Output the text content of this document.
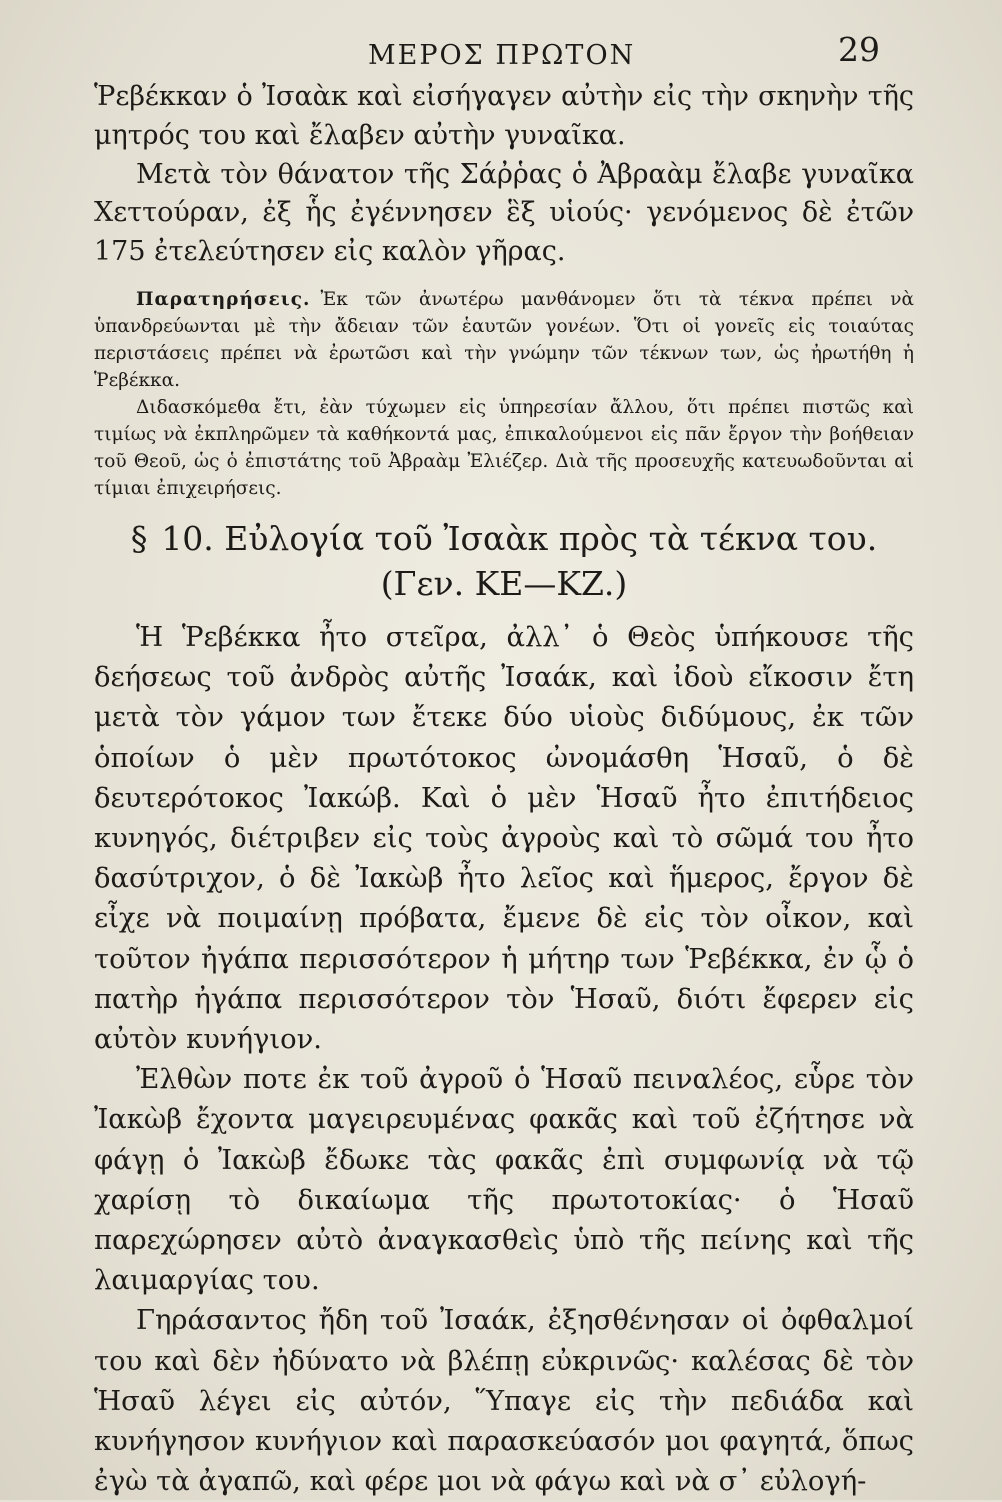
ΜΕΡΟΣ ΠΡΩΤΟΝ	29

Ῥεβέκκαν ὁ Ἰσαὰκ καὶ εἰσήγαγεν αὐτὴν εἰς τὴν σκηνὴν τῆς μητρός του καὶ ἔλαβεν αὐτὴν γυναῖκα.

Μετὰ τὸν θάνατον τῆς Σάῤῥας ὁ Ἀβραὰμ ἔλαβε γυναῖκα Χεττούραν, ἐξ ἧς ἐγέννησεν ἓξ υἱούς· γενόμενος δὲ ἐτῶν 175 ἐτελεύτησεν εἰς καλὸν γῆρας.

Παρατηρήσεις. Ἐκ τῶν ἀνωτέρω μανθάνομεν ὅτι τὰ τέκνα πρέπει νὰ ὑπανδρεύωνται μὲ τὴν ἄδειαν τῶν ἑαυτῶν γονέων. Ὅτι οἱ γονεῖς εἰς τοιαύτας περιστάσεις πρέπει νὰ ἐρωτῶσι καὶ τὴν γνώμην τῶν τέκνων των, ὡς ἠρωτήθη ἡ Ῥεβέκκα.

Διδασκόμεθα ἔτι, ἐὰν τύχωμεν εἰς ὑπηρεσίαν ἄλλου, ὅτι πρέπει πιστῶς καὶ τιμίως νὰ ἐκπληρῶμεν τὰ καθήκοντά μας, ἐπικαλούμενοι εἰς πᾶν ἔργον τὴν βοήθειαν τοῦ Θεοῦ, ὡς ὁ ἐπιστάτης τοῦ Ἀβραὰμ Ἐλιέζερ. Διὰ τῆς προσευχῆς κατευωδοῦνται αἱ τίμιαι ἐπιχειρήσεις.

§ 10. Εὐλογία τοῦ Ἰσαὰκ πρὸς τὰ τέκνα του.
(Γεν. ΚΕ—ΚΖ.)

Ἡ Ῥεβέκκα ἦτο στεῖρα, ἀλλ᾽ ὁ Θεὸς ὑπήκουσε τῆς δεήσεως τοῦ ἀνδρὸς αὐτῆς Ἰσαάκ, καὶ ἰδοὺ εἴκοσιν ἔτη μετὰ τὸν γάμον των ἔτεκε δύο υἱοὺς διδύμους, ἐκ τῶν ὁποίων ὁ μὲν πρωτότοκος ὠνομάσθη Ἡσαῦ, ὁ δὲ δευτερότοκος Ἰακώβ. Καὶ ὁ μὲν Ἡσαῦ ἦτο ἐπιτήδειος κυνηγός, διέτριβεν εἰς τοὺς ἀγροὺς καὶ τὸ σῶμά του ἦτο δασύτριχον, ὁ δὲ Ἰακὼβ ἦτο λεῖος καὶ ἥμερος, ἔργον δὲ εἶχε νὰ ποιμαίνῃ πρόβατα, ἔμενε δὲ εἰς τὸν οἶκον, καὶ τοῦτον ἠγάπα περισσότερον ἡ μήτηρ των Ῥεβέκκα, ἐν ᾧ ὁ πατὴρ ἠγάπα περισσότερον τὸν Ἡσαῦ, διότι ἔφερεν εἰς αὐτὸν κυνήγιον.

Ἐλθὼν ποτε ἐκ τοῦ ἀγροῦ ὁ Ἡσαῦ πειναλέος, εὗρε τὸν Ἰακὼβ ἔχοντα μαγειρευμένας φακᾶς καὶ τοῦ ἐζήτησε νὰ φάγῃ ὁ Ἰακὼβ ἔδωκε τὰς φακᾶς ἐπὶ συμφωνίᾳ νὰ τῷ χαρίσῃ τὸ δικαίωμα τῆς πρωτοτοκίας· ὁ Ἡσαῦ παρεχώρησεν αὐτὸ ἀναγκασθεὶς ὑπὸ τῆς πείνης καὶ τῆς λαιμαργίας του.

Γηράσαντος ἤδη τοῦ Ἰσαάκ, ἐξησθένησαν οἱ ὀφθαλμοί του καὶ δὲν ἠδύνατο νὰ βλέπῃ εὐκρινῶς· καλέσας δὲ τὸν Ἡσαῦ λέγει εἰς αὐτόν, Ὕπαγε εἰς τὴν πεδιάδα καὶ κυνήγησον κυνήγιον καὶ παρασκεύασόν μοι φαγητά, ὅπως ἐγὼ τὰ ἀγαπῶ, καὶ φέρε μοι νὰ φάγω καὶ νὰ σ᾽ εὐλογή-
